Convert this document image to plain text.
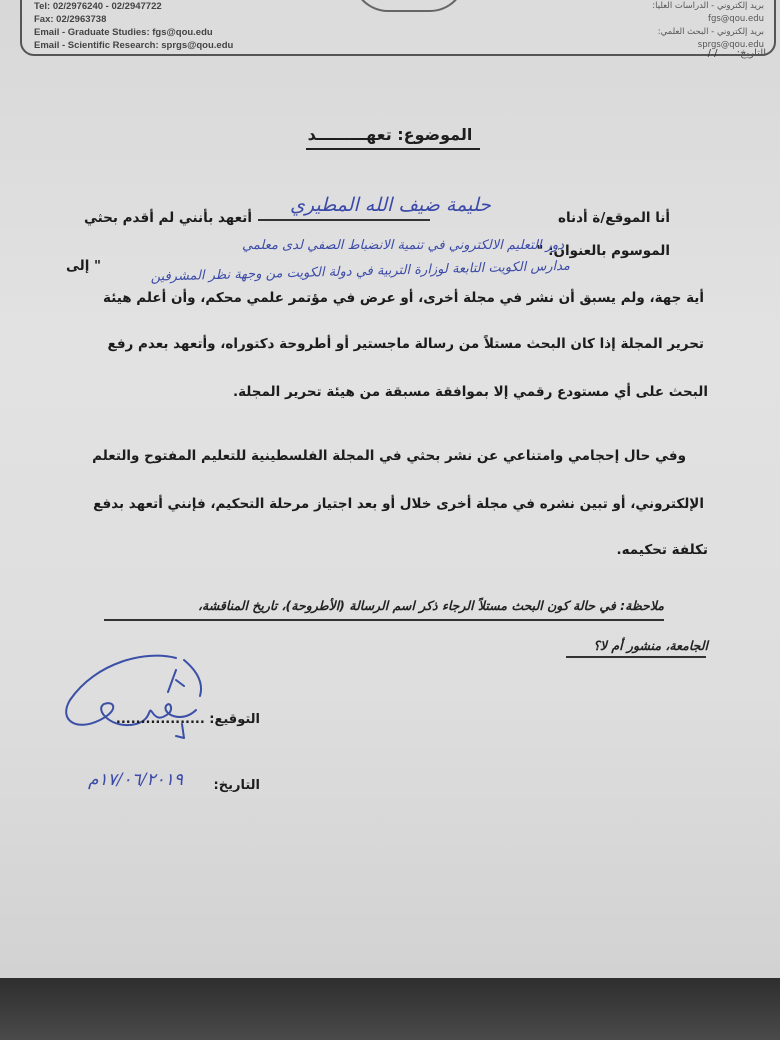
Tel: 02/2976240 - 02/2947722
Fax: 02/2963738
Email - Graduate Studies: fgs@qou.edu
Email - Scientific Research: sprgs@qou.edu
بريد إلكتروني - الدراسات العليا: fgs@qou.edu
بريد إلكتروني - البحث العلمي: sprgs@qou.edu
التاريخ: / /
الموضوع: تعهـــــــــد
أنا الموقع/ة أدناه
حليمة ضيف الله المطيري
أتعهد بأنني لم أقدم بحثي
الموسوم بالعنوان: "
دور التعليم الالكتروني في تنمية الانضباط الصفي لدى معلمي
" إلى	مدارس الكويت التابعة لوزارة التربية في دولة الكويت من وجهة نظر المشرفين
أية جهة، ولم يسبق أن نشر في مجلة أخرى، أو عرض في مؤتمر علمي محكم، وأن أعلم هيئة
تحرير المجلة إذا كان البحث مستلاً من رسالة ماجستير أو أطروحة دكتوراه، وأتعهد بعدم رفع
البحث على أي مستودع رقمي إلا بموافقة مسبقة من هيئة تحرير المجلة.
وفي حال إحجامي وامتناعي عن نشر بحثي في المجلة الفلسطينية للتعليم المفتوح والتعلم
الإلكتروني، أو تبين نشره في مجلة أخرى خلال أو بعد اجتياز مرحلة التحكيم، فإنني أتعهد بدفع
تكلفة تحكيمه.
ملاحظة: في حالة كون البحث مستلاً الرجاء ذكر اسم الرسالة (الأطروحة)، تاريخ المناقشة،
الجامعة، منشور أم لا؟
التوقيع: ..................
التاريخ:
١٧/٠٦/٢٠١٩م
